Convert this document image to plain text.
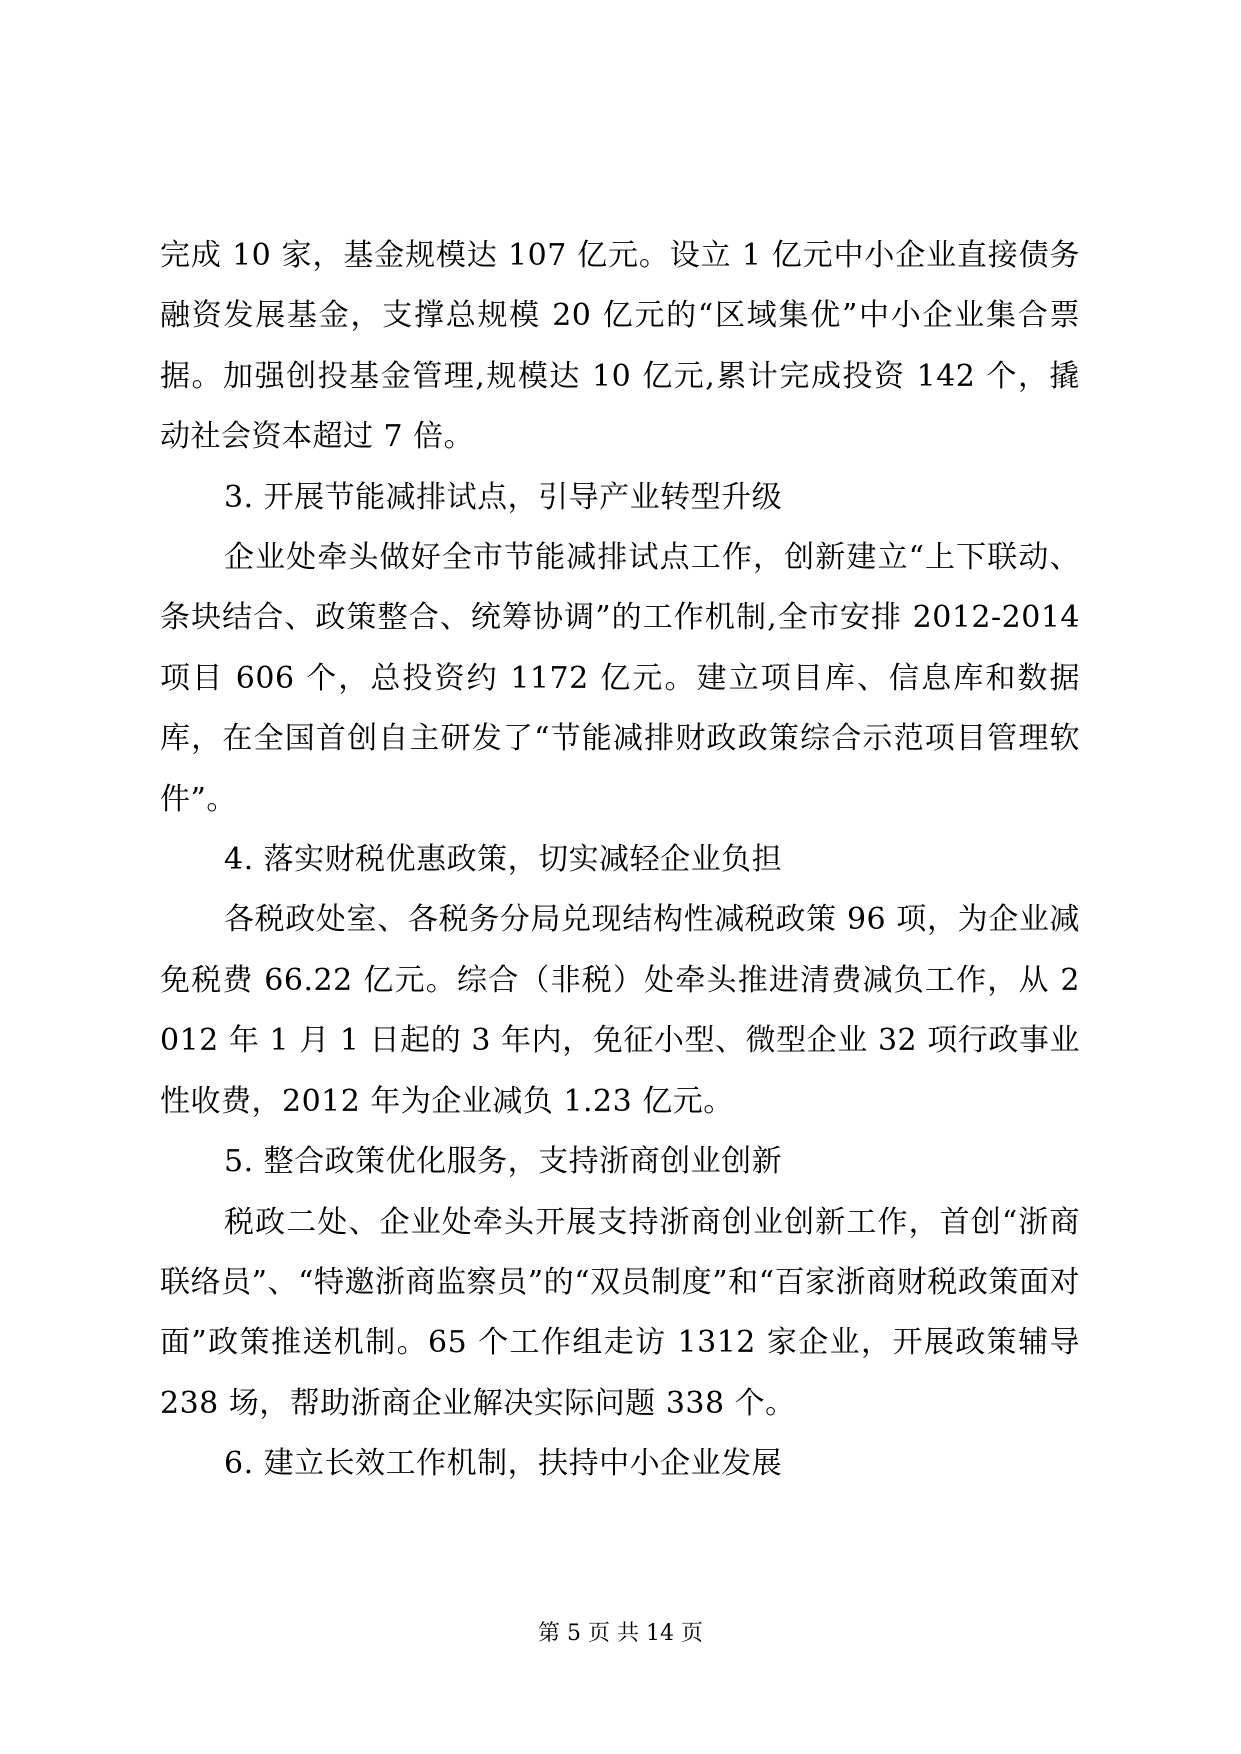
完成 10 家，基金规模达 107 亿元。设立 1 亿元中小企业直接债务融资发展基金，支撑总规模 20 亿元的“区域集优”中小企业集合票据。加强创投基金管理,规模达 10 亿元,累计完成投资 142 个，撬动社会资本超过 7 倍。

3. 开展节能减排试点，引导产业转型升级

企业处牵头做好全市节能减排试点工作，创新建立“上下联动、条块结合、政策整合、统筹协调”的工作机制,全市安排 2012-2014 项目 606 个，总投资约 1172 亿元。建立项目库、信息库和数据库，在全国首创自主研发了“节能减排财政政策综合示范项目管理软件”。

4. 落实财税优惠政策，切实减轻企业负担

各税政处室、各税务分局兑现结构性减税政策 96 项，为企业减免税费 66.22 亿元。综合（非税）处牵头推进清费减负工作，从 2012 年 1 月 1 日起的 3 年内，免征小型、微型企业 32 项行政事业性收费，2012 年为企业减负 1.23 亿元。

5. 整合政策优化服务，支持浙商创业创新

税政二处、企业处牵头开展支持浙商创业创新工作，首创“浙商联络员”、“特邀浙商监察员”的“双员制度”和“百家浙商财税政策面对面”政策推送机制。65 个工作组走访 1312 家企业，开展政策辅导 238 场，帮助浙商企业解决实际问题 338 个。

6. 建立长效工作机制，扶持中小企业发展

第 5 页 共 14 页
